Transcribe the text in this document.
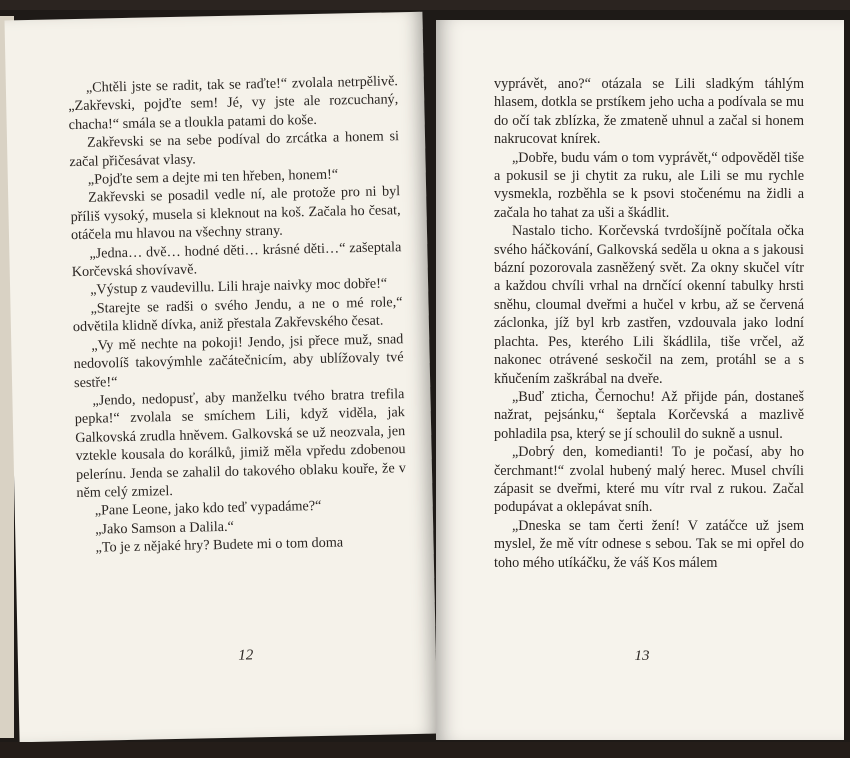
„Chtěli jste se radit, tak se raďte!“ zvolala netrpělivě. „Zakřevski, pojďte sem! Jé, vy jste ale rozcuchaný, chacha!“ smála se a tloukla patami do koše.

Zakřevski se na sebe podíval do zrcátka a honem si začal přičesávat vlasy.

„Pojďte sem a dejte mi ten hřeben, honem!“

Zakřevski se posadil vedle ní, ale protože pro ni byl příliš vysoký, musela si kleknout na koš. Začala ho česat, otáčela mu hlavou na všechny strany.

„Jedna… dvě… hodné děti… krásné děti…“ zašeptala Korčevská shovívavě.

„Výstup z vaudevillu. Lili hraje naivky moc dobře!“

„Starejte se radši o svého Jendu, a ne o mé role,“ odvětila klidně dívka, aniž přestala Zakřevského česat.

„Vy mě nechte na pokoji! Jendo, jsi přece muž, snad nedovolíš takovýmhle začátečnicím, aby ublížovaly tvé sestře!“

„Jendo, nedopusť, aby manželku tvého bratra trefila pepka!“ zvolala se smíchem Lili, když viděla, jak Galkovská zrudla hněvem. Galkovská se už neozvala, jen vztekle kousala do korálků, jimiž měla vpředu zdobenou pelerínu. Jenda se zahalil do takového oblaku kouře, že v něm celý zmizel.

„Pane Leone, jako kdo teď vypadáme?“

„Jako Samson a Dalila.“

„To je z nějaké hry? Budete mi o tom doma

12

vyprávět, ano?“ otázala se Lili sladkým táhlým hlasem, dotkla se prstíkem jeho ucha a podívala se mu do očí tak zblízka, že zmateně uhnul a začal si honem nakrucovat knírek.

„Dobře, budu vám o tom vyprávět,“ odpověděl tiše a pokusil se ji chytit za ruku, ale Lili se mu rychle vysmekla, rozběhla se k psovi stočenému na židli a začala ho tahat za uši a škádlit.

Nastalo ticho. Korčevská tvrdošíjně počítala očka svého háčkování, Galkovská seděla u okna a s jakousi bázní pozorovala zasněžený svět. Za okny skučel vítr a každou chvíli vrhal na drnčící okenní tabulky hrsti sněhu, cloumal dveřmi a hučel v krbu, až se červená záclonka, jíž byl krb zastřen, vzdouvala jako lodní plachta. Pes, kterého Lili škádlila, tiše vrčel, až nakonec otrávené seskočil na zem, protáhl se a s kňučením zaškrábal na dveře.

„Buď zticha, Černochu! Až přijde pán, dostaneš nažrat, pejsánku,“ šeptala Korčevská a mazlivě pohladila psa, který se jí schoulil do sukně a usnul.

„Dobrý den, komedianti! To je počasí, aby ho čerchmant!“ zvolal hubený malý herec. Musel chvíli zápasit se dveřmi, které mu vítr rval z rukou. Začal podupávat a oklepávat sníh.

„Dneska se tam čerti žení! V zatáčce už jsem myslel, že mě vítr odnese s sebou. Tak se mi opřel do toho mého utíkáčku, že váš Kos málem

13
